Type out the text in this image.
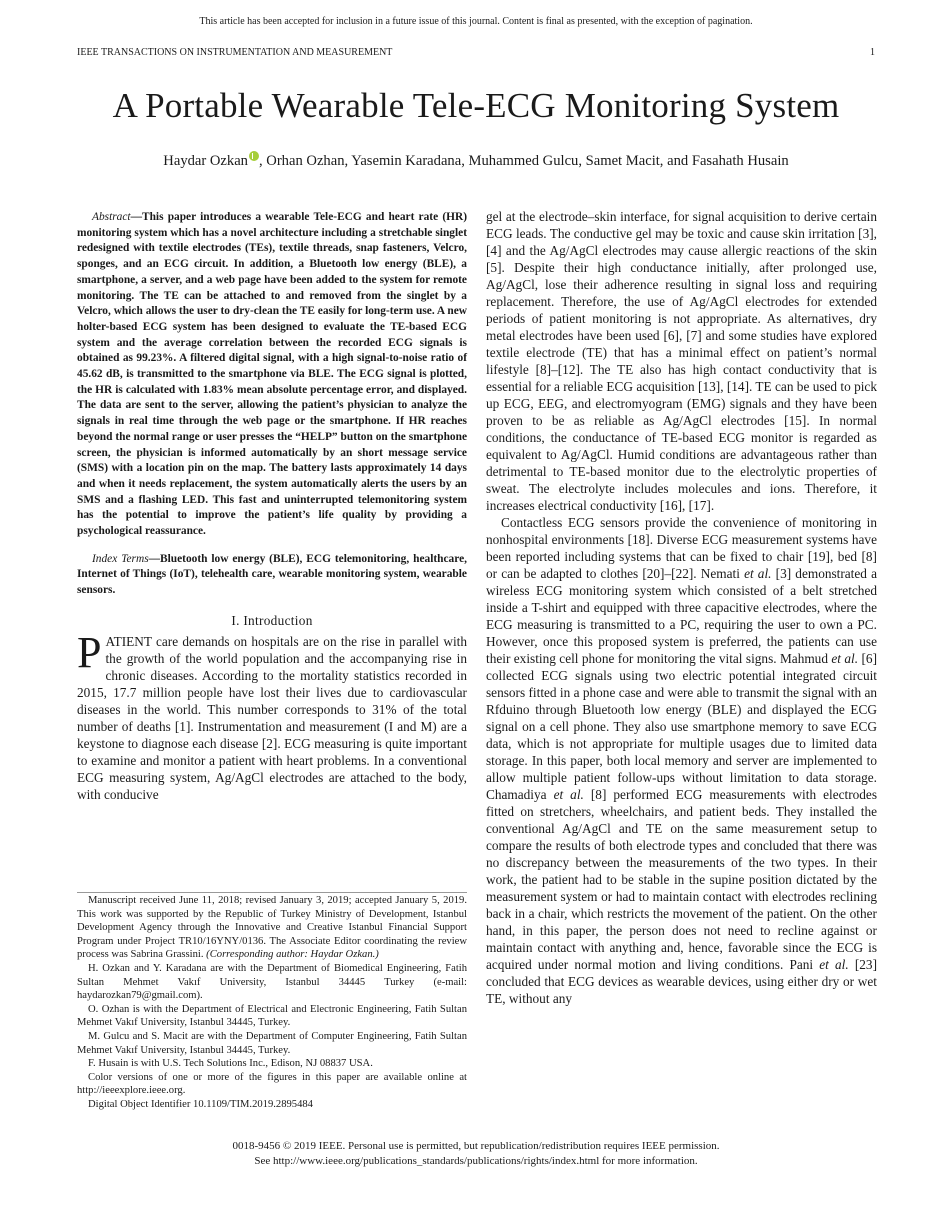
This article has been accepted for inclusion in a future issue of this journal. Content is final as presented, with the exception of pagination.
IEEE TRANSACTIONS ON INSTRUMENTATION AND MEASUREMENT	1
A Portable Wearable Tele-ECG Monitoring System
Haydar Ozkan , Orhan Ozhan, Yasemin Karadana, Muhammed Gulcu, Samet Macit, and Fasahath Husain

Abstract—This paper introduces a wearable Tele-ECG and heart rate (HR) monitoring system which has a novel architecture including a stretchable singlet redesigned with textile electrodes (TEs), textile threads, snap fasteners, Velcro, sponges, and an ECG circuit. In addition, a Bluetooth low energy (BLE), a smartphone, a server, and a web page have been added to the system for remote monitoring. The TE can be attached to and removed from the singlet by a Velcro, which allows the user to dry-clean the TE easily for long-term use. A new holter-based ECG system has been designed to evaluate the TE-based ECG system and the average correlation between the recorded ECG signals is obtained as 99.23%. A filtered digital signal, with a high signal-to-noise ratio of 45.62 dB, is transmitted to the smartphone via BLE. The ECG signal is plotted, the HR is calculated with 1.83% mean absolute percentage error, and displayed. The data are sent to the server, allowing the patient’s physician to analyze the signals in real time through the web page or the smartphone. If HR reaches beyond the normal range or user presses the “HELP” button on the smartphone screen, the physician is informed automatically by an short message service (SMS) with a location pin on the map. The battery lasts approximately 14 days and when it needs replacement, the system automatically alerts the users by an SMS and a flashing LED. This fast and uninterrupted telemonitoring system has the potential to improve the patient’s life quality by providing a psychological reassurance.

Index Terms—Bluetooth low energy (BLE), ECG telemonitoring, healthcare, Internet of Things (IoT), telehealth care, wearable monitoring system, wearable sensors.

I. Introduction

PATIENT care demands on hospitals are on the rise in parallel with the growth of the world population and the accompanying rise in chronic diseases. According to the mortality statistics recorded in 2015, 17.7 million people have lost their lives due to cardiovascular diseases in the world. This number corresponds to 31% of the total number of deaths [1]. Instrumentation and measurement (I and M) are a keystone to diagnose each disease [2]. ECG measuring is quite important to examine and monitor a patient with heart problems. In a conventional ECG measuring system, Ag/AgCl electrodes are attached to the body, with conducive

Manuscript received June 11, 2018; revised January 3, 2019; accepted January 5, 2019. This work was supported by the Republic of Turkey Ministry of Development, Istanbul Development Agency through the Innovative and Creative Istanbul Financial Support Program under Project TR10/16YNY/0136. The Associate Editor coordinating the review process was Sabrina Grassini. (Corresponding author: Haydar Ozkan.)

H. Ozkan and Y. Karadana are with the Department of Biomedical Engineering, Fatih Sultan Mehmet Vakıf University, Istanbul 34445 Turkey (e-mail: haydarozkan79@gmail.com).

O. Ozhan is with the Department of Electrical and Electronic Engineering, Fatih Sultan Mehmet Vakıf University, Istanbul 34445, Turkey.

M. Gulcu and S. Macit are with the Department of Computer Engineering, Fatih Sultan Mehmet Vakıf University, Istanbul 34445, Turkey.

F. Husain is with U.S. Tech Solutions Inc., Edison, NJ 08837 USA.

Color versions of one or more of the figures in this paper are available online at http://ieeexplore.ieee.org.

Digital Object Identifier 10.1109/TIM.2019.2895484

gel at the electrode–skin interface, for signal acquisition to derive certain ECG leads. The conductive gel may be toxic and cause skin irritation [3], [4] and the Ag/AgCl electrodes may cause allergic reactions of the skin [5]. Despite their high conductance initially, after prolonged use, Ag/AgCl, lose their adherence resulting in signal loss and requiring replacement. Therefore, the use of Ag/AgCl electrodes for extended periods of patient monitoring is not appropriate. As alternatives, dry metal electrodes have been used [6], [7] and some studies have explored textile electrode (TE) that has a minimal effect on patient’s normal lifestyle [8]–[12]. The TE also has high contact conductivity that is essential for a reliable ECG acquisition [13], [14]. TE can be used to pick up ECG, EEG, and electromyogram (EMG) signals and they have been proven to be as reliable as Ag/AgCl electrodes [15]. In normal conditions, the conductance of TE-based ECG monitor is regarded as equivalent to Ag/AgCl. Humid conditions are advantageous rather than detrimental to TE-based monitor due to the electrolytic properties of sweat. The electrolyte includes molecules and ions. Therefore, it increases electrical conductivity [16], [17].

Contactless ECG sensors provide the convenience of monitoring in nonhospital environments [18]. Diverse ECG measurement systems have been reported including systems that can be fixed to chair [19], bed [8] or can be adapted to clothes [20]–[22]. Nemati et al. [3] demonstrated a wireless ECG monitoring system which consisted of a belt stretched inside a T-shirt and equipped with three capacitive electrodes, where the ECG measuring is transmitted to a PC, requiring the user to own a PC. However, once this proposed system is preferred, the patients can use their existing cell phone for monitoring the vital signs. Mahmud et al. [6] collected ECG signals using two electric potential integrated circuit sensors fitted in a phone case and were able to transmit the signal with an Rfduino through Bluetooth low energy (BLE) and displayed the ECG signal on a cell phone. They also use smartphone memory to save ECG data, which is not appropriate for multiple usages due to limited data storage. In this paper, both local memory and server are implemented to allow multiple patient follow-ups without limitation to data storage. Chamadiya et al. [8] performed ECG measurements with electrodes fitted on stretchers, wheelchairs, and patient beds. They installed the conventional Ag/AgCl and TE on the same measurement setup to compare the results of both electrode types and concluded that there was no discrepancy between the measurements of the two types. In their work, the patient had to be stable in the supine position dictated by the measurement system or had to maintain contact with electrodes reclining back in a chair, which restricts the movement of the patient. On the other hand, in this paper, the person does not need to recline against or maintain contact with anything and, hence, favorable since the ECG is acquired under normal motion and living conditions. Pani et al. [23] concluded that ECG devices as wearable devices, using either dry or wet TE, without any

0018-9456 © 2019 IEEE. Personal use is permitted, but republication/redistribution requires IEEE permission.
See http://www.ieee.org/publications_standards/publications/rights/index.html for more information.
